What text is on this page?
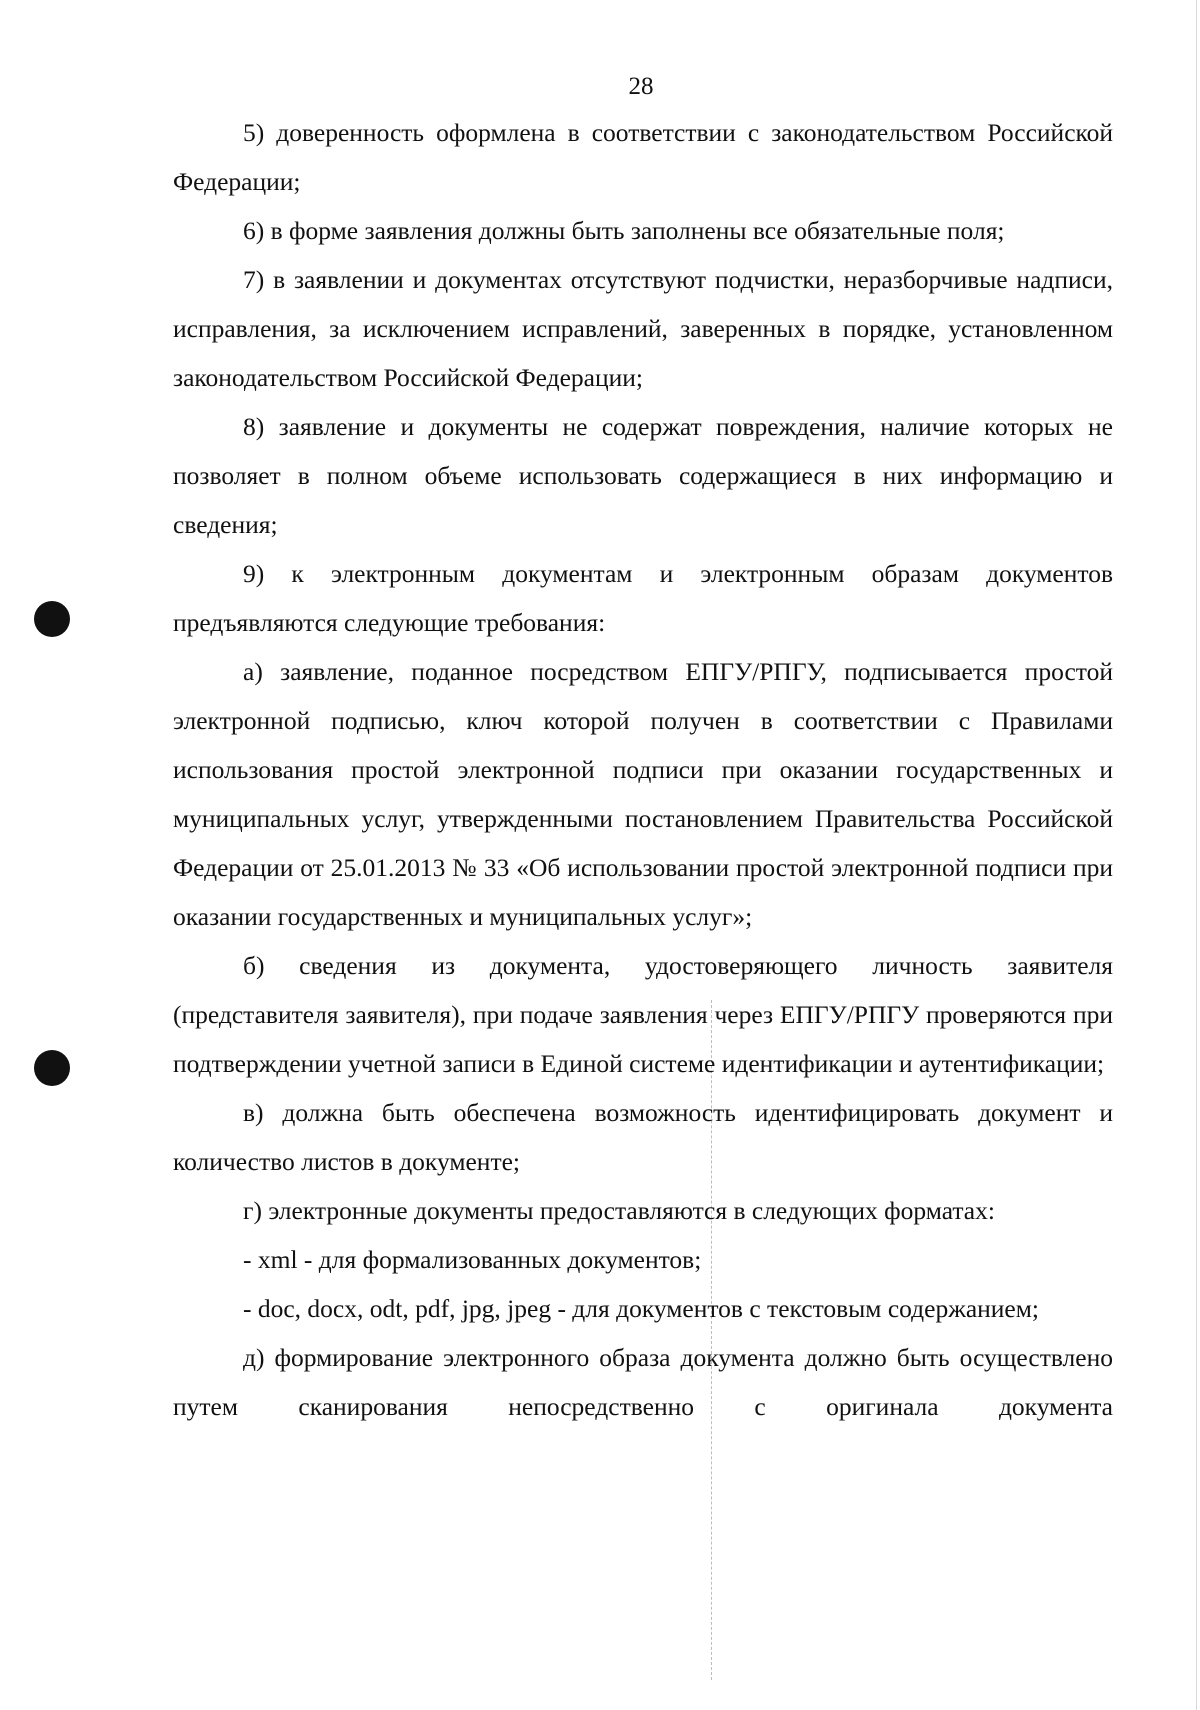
28

5) доверенность оформлена в соответствии с законодательством Российской Федерации;

6) в форме заявления должны быть заполнены все обязательные поля;

7) в заявлении и документах отсутствуют подчистки, неразборчивые надписи, исправления, за исключением исправлений, заверенных в порядке, установленном законодательством Российской Федерации;

8) заявление и документы не содержат повреждения, наличие которых не позволяет в полном объеме использовать содержащиеся в них информацию и сведения;

9) к электронным документам и электронным образам документов предъявляются следующие требования:

а) заявление, поданное посредством ЕПГУ/РПГУ, подписывается простой электронной подписью, ключ которой получен в соответствии с Правилами использования простой электронной подписи при оказании государственных и муниципальных услуг, утвержденными постановлением Правительства Российской Федерации от 25.01.2013 № 33 «Об использовании простой электронной подписи при оказании государственных и муниципальных услуг»;

б) сведения из документа, удостоверяющего личность заявителя (представителя заявителя), при подаче заявления через ЕПГУ/РПГУ проверяются при подтверждении учетной записи в Единой системе идентификации и аутентификации;

в) должна быть обеспечена возможность идентифицировать документ и количество листов в документе;

г) электронные документы предоставляются в следующих форматах:

- xml - для формализованных документов;

- doc, docx, odt, pdf, jpg, jpeg - для документов с текстовым содержанием;

д) формирование электронного образа документа должно быть осуществлено путем сканирования непосредственно с оригинала документа
